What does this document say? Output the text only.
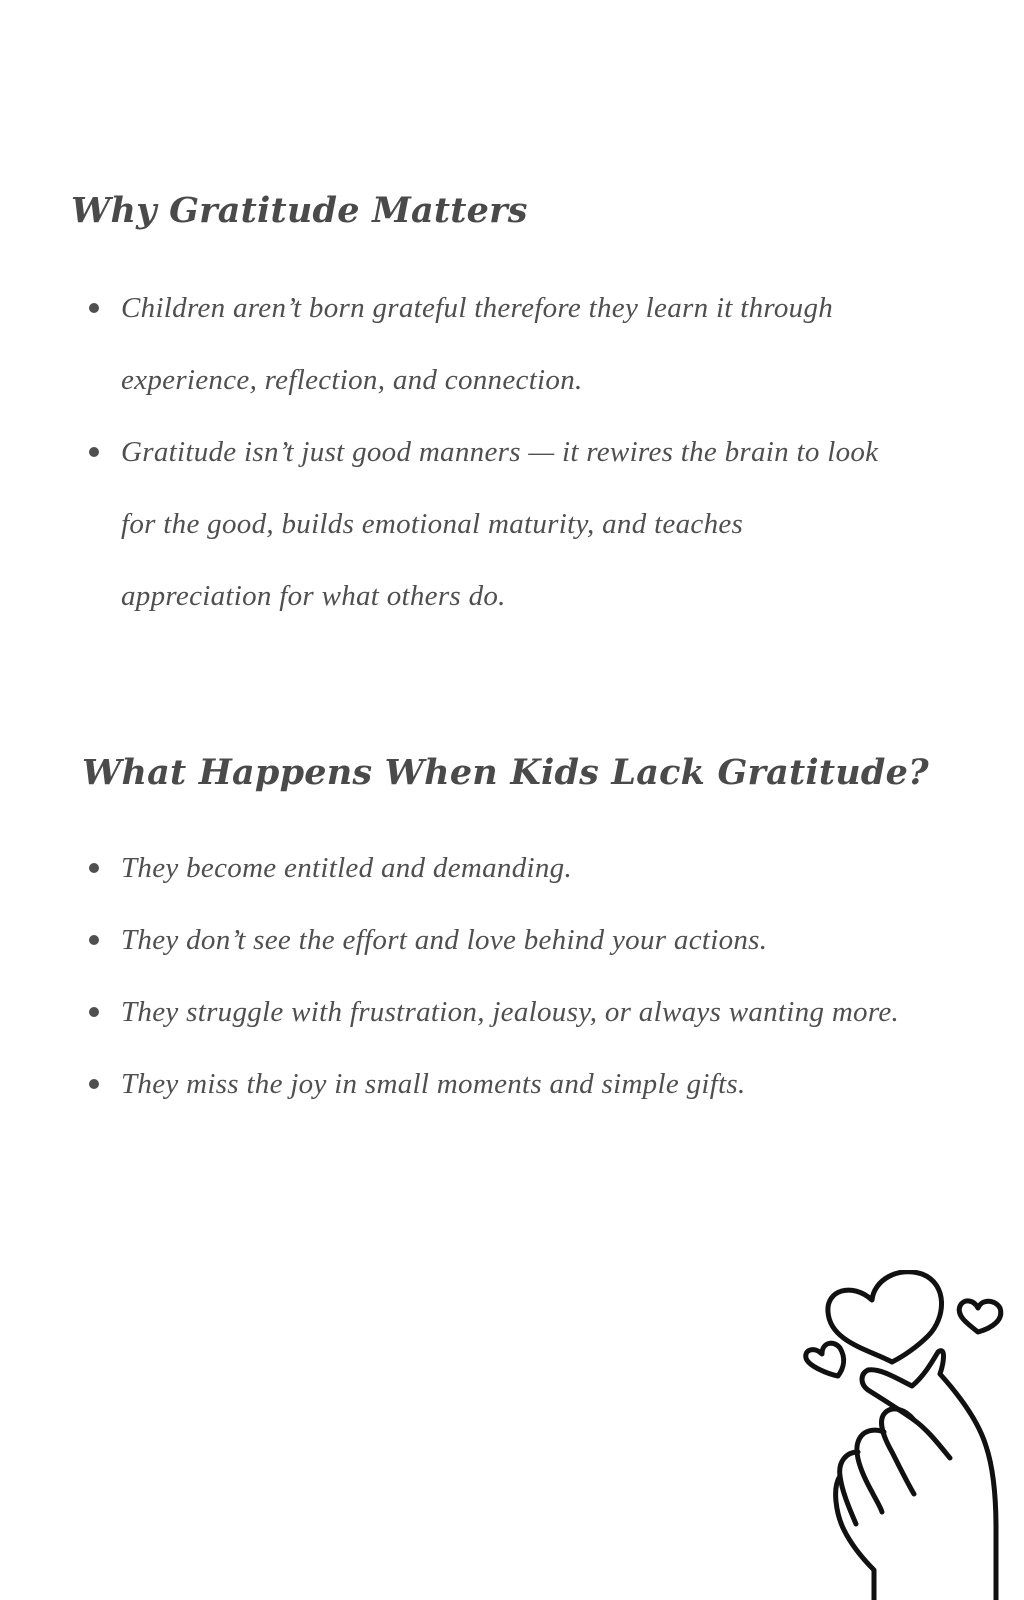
Why Gratitude Matters
Children aren’t born grateful therefore they learn it through experience, reflection, and connection.
Gratitude isn’t just good manners — it rewires the brain to look for the good, builds emotional maturity, and teaches appreciation for what others do.
What Happens When Kids Lack Gratitude?
They become entitled and demanding.
They don’t see the effort and love behind your actions.
They struggle with frustration, jealousy, or always wanting more.
They miss the joy in small moments and simple gifts.
